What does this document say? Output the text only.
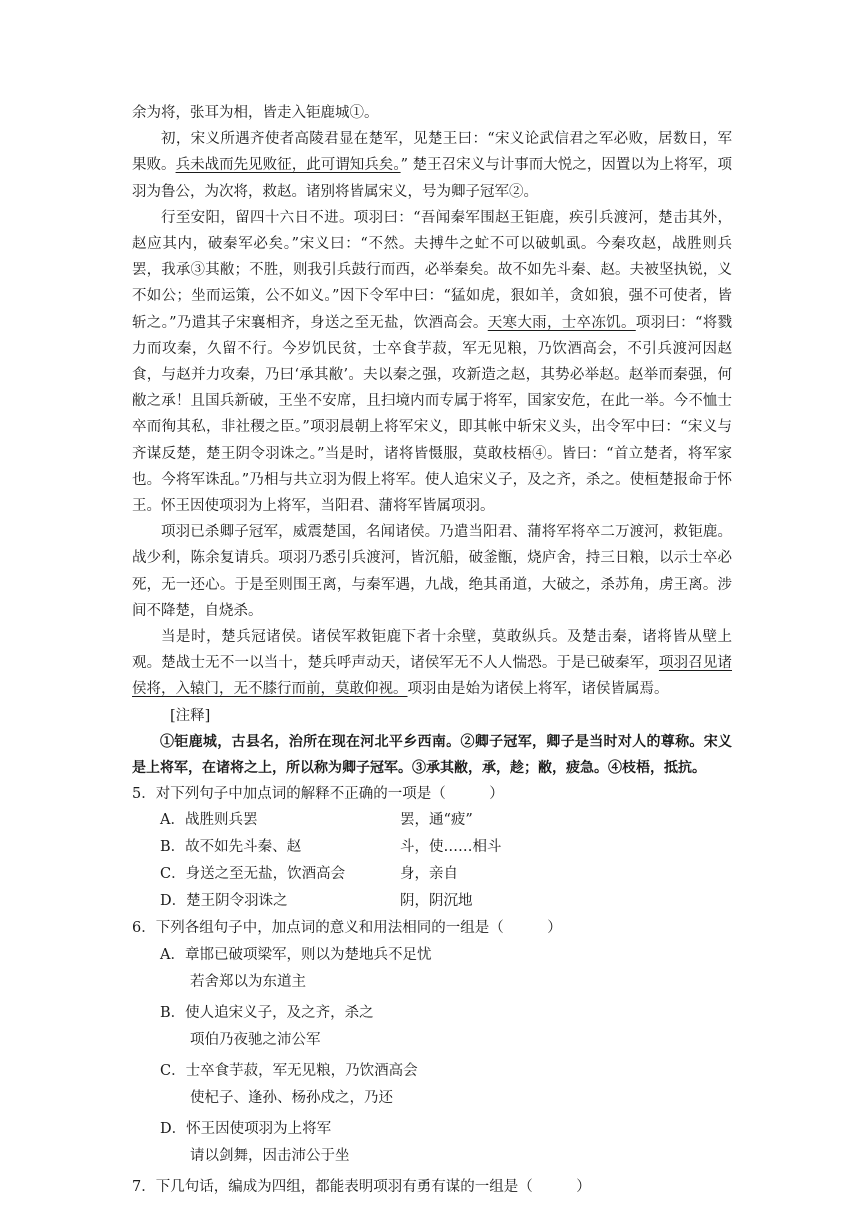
余为将，张耳为相，皆走入钜鹿城①。

初，宋义所遇齐使者高陵君显在楚军，见楚王曰：“宋义论武信君之军必败，居数日，军果败。兵未战而先见败征，此可谓知兵矣。” 楚王召宋义与计事而大悦之，因置以为上将军，项羽为鲁公，为次将，救赵。诸别将皆属宋义，号为卿子冠军②。

行至安阳，留四十六日不进。项羽曰：“吾闻秦军围赵王钜鹿，疾引兵渡河，楚击其外，赵应其内，破秦军必矣。”宋义曰：“不然。夫搏牛之虻不可以破虮虱。今秦攻赵，战胜则兵罢，我承③其敝；不胜，则我引兵鼓行而西，必举秦矣。故不如先斗秦、赵。夫被坚执锐，义不如公；坐而运策，公不如义。”因下令军中曰：“猛如虎，狠如羊，贪如狼，强不可使者，皆斩之。”乃遣其子宋襄相齐，身送之至无盐，饮酒高会。天寒大雨，士卒冻饥。项羽曰：“将戮力而攻秦，久留不行。今岁饥民贫，士卒食芋菽，军无见粮，乃饮酒高会，不引兵渡河因赵食，与赵并力攻秦，乃曰‘承其敝’。夫以秦之强，攻新造之赵，其势必举赵。赵举而秦强，何敝之承！且国兵新破，王坐不安席，且扫境内而专属于将军，国家安危，在此一举。今不恤士卒而徇其私，非社稷之臣。”项羽晨朝上将军宋义，即其帐中斩宋义头，出令军中曰：“宋义与齐谋反楚，楚王阴令羽诛之。”当是时，诸将皆慑服，莫敢枝梧④。皆曰：“首立楚者，将军家也。今将军诛乱。”乃相与共立羽为假上将军。使人追宋义子，及之齐，杀之。使桓楚报命于怀王。怀王因使项羽为上将军，当阳君、蒲将军皆属项羽。

项羽已杀卿子冠军，威震楚国，名闻诸侯。乃遣当阳君、蒲将军将卒二万渡河，救钜鹿。战少利，陈余复请兵。项羽乃悉引兵渡河，皆沉船，破釜甑，烧庐舍，持三日粮，以示士卒必死，无一还心。于是至则围王离，与秦军遇，九战，绝其甬道，大破之，杀苏角，虏王离。涉间不降楚，自烧杀。

当是时，楚兵冠诸侯。诸侯军救钜鹿下者十余壁，莫敢纵兵。及楚击秦，诸将皆从壁上观。楚战士无不一以当十，楚兵呼声动天，诸侯军无不人人惴恐。于是已破秦军，项羽召见诸侯将，入辕门，无不膝行而前，莫敢仰视。项羽由是始为诸侯上将军，诸侯皆属焉。

[注释]

①钜鹿城，古县名，治所在现在河北平乡西南。②卿子冠军，卿子是当时对人的尊称。宋义是上将军，在诸将之上，所以称为卿子冠军。③承其敝，承，趁；敝，疲急。④枝梧，抵抗。

5．对下列句子中加点词的解释不正确的一项是（　　　）

A．战胜则兵罢	罢，通“疲”
B．故不如先斗秦、赵	斗，使……相斗
C．身送之至无盐，饮酒高会	身，亲自
D．楚王阴令羽诛之	阴，阴沉地

6．下列各组句子中，加点词的意义和用法相同的一组是（　　　）

A．章邯已破项梁军，则以为楚地兵不足忧
若舍郑以为东道主
B．使人追宋义子，及之齐，杀之
项伯乃夜驰之沛公军
C．士卒食芋菽，军无见粮，乃饮酒高会
使杞子、逢孙、杨孙戍之，乃还
D．怀王因使项羽为上将军
请以剑舞，因击沛公于坐

7．下几句话，编成为四组，都能表明项羽有勇有谋的一组是（　　　）
